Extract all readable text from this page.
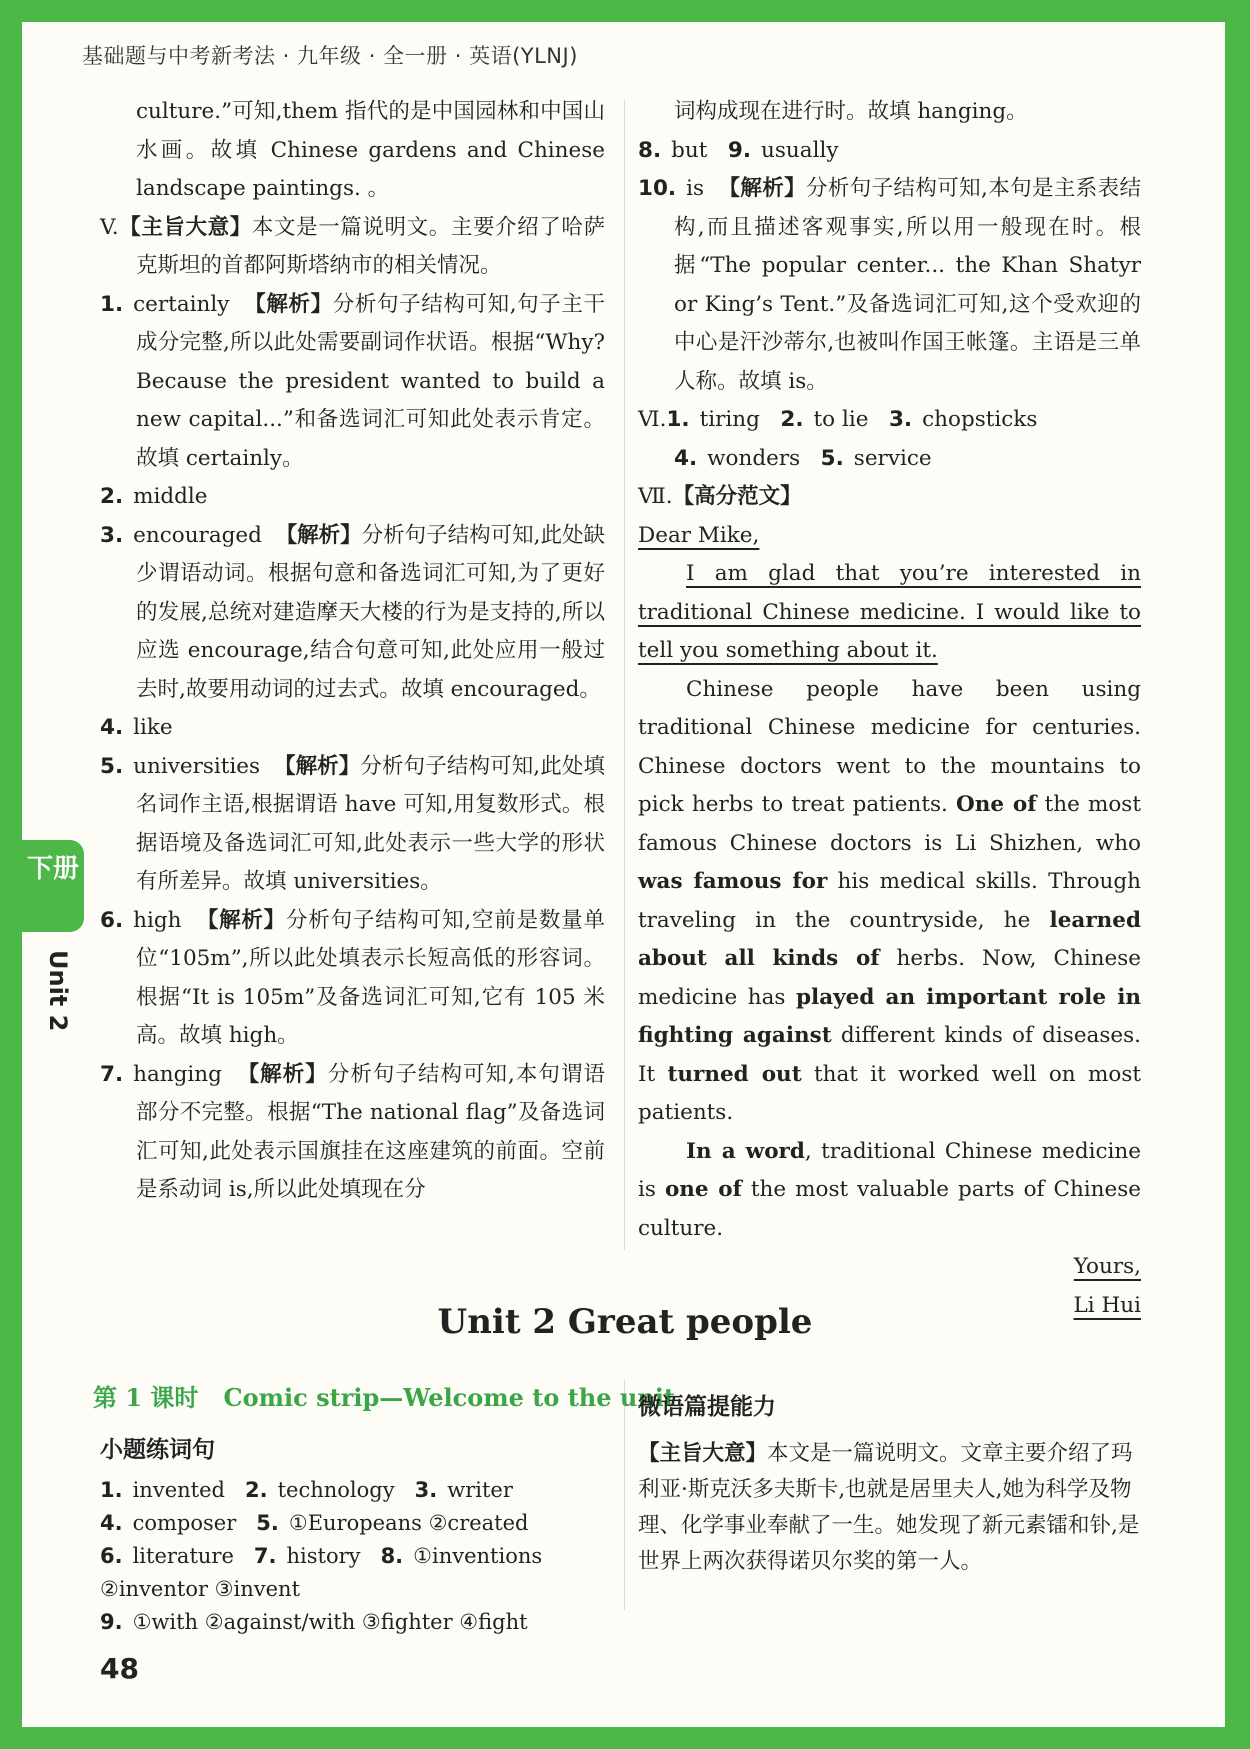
基础题与中考新考法 · 九年级 · 全一册 · 英语(YLNJ)

culture.”可知,them 指代的是中国园林和中国山水画。故填 Chinese gardens and Chinese landscape paintings. 。

V.【主旨大意】本文是一篇说明文。主要介绍了哈萨克斯坦的首都阿斯塔纳市的相关情况。

1. certainly 【解析】分析句子结构可知,句子主干成分完整,所以此处需要副词作状语。根据“Why? Because the president wanted to build a new capital...”和备选词汇可知此处表示肯定。故填 certainly。

2. middle

3. encouraged 【解析】分析句子结构可知,此处缺少谓语动词。根据句意和备选词汇可知,为了更好的发展,总统对建造摩天大楼的行为是支持的,所以应选 encourage,结合句意可知,此处应用一般过去时,故要用动词的过去式。故填 encouraged。

4. like

5. universities 【解析】分析句子结构可知,此处填名词作主语,根据谓语 have 可知,用复数形式。根据语境及备选词汇可知,此处表示一些大学的形状有所差异。故填 universities。

6. high 【解析】分析句子结构可知,空前是数量单位“105m”,所以此处填表示长短高低的形容词。根据“It is 105m”及备选词汇可知,它有 105 米高。故填 high。

7. hanging 【解析】分析句子结构可知,本句谓语部分不完整。根据“The national flag”及备选词汇可知,此处表示国旗挂在这座建筑的前面。空前是系动词 is,所以此处填现在分

词构成现在进行时。故填 hanging。

8. but 9. usually

10. is 【解析】分析句子结构可知,本句是主系表结构,而且描述客观事实,所以用一般现在时。根据“The popular center... the Khan Shatyr or King’s Tent.”及备选词汇可知,这个受欢迎的中心是汗沙蒂尔,也被叫作国王帐篷。主语是三单人称。故填 is。

Ⅵ.1. tiring 2. to lie 3. chopsticks

4. wonders 5. service

Ⅶ.【高分范文】

Dear Mike,

I am glad that you’re interested in traditional Chinese medicine. I would like to tell you something about it.

Chinese people have been using traditional Chinese medicine for centuries. Chinese doctors went to the mountains to pick herbs to treat patients. One of the most famous Chinese doctors is Li Shizhen, who was famous for his medical skills. Through traveling in the countryside, he learned about all kinds of herbs. Now, Chinese medicine has played an important role in fighting against different kinds of diseases. It turned out that it worked well on most patients.

In a word, traditional Chinese medicine is one of the most valuable parts of Chinese culture.

Yours,

Li Hui

Unit 2 Great people
第 1 课时 Comic strip—Welcome to the unit
小题练词句
微语篇提能力

1. invented 2. technology 3. writer

4. composer 5. ①Europeans ②created

6. literature 7. history 8. ①inventions ②inventor ③invent

9. ①with ②against/with ③fighter ④fight

【主旨大意】本文是一篇说明文。文章主要介绍了玛利亚·斯克沃多夫斯卡,也就是居里夫人,她为科学及物理、化学事业奉献了一生。她发现了新元素镭和钋,是世界上两次获得诺贝尔奖的第一人。

下册
48
